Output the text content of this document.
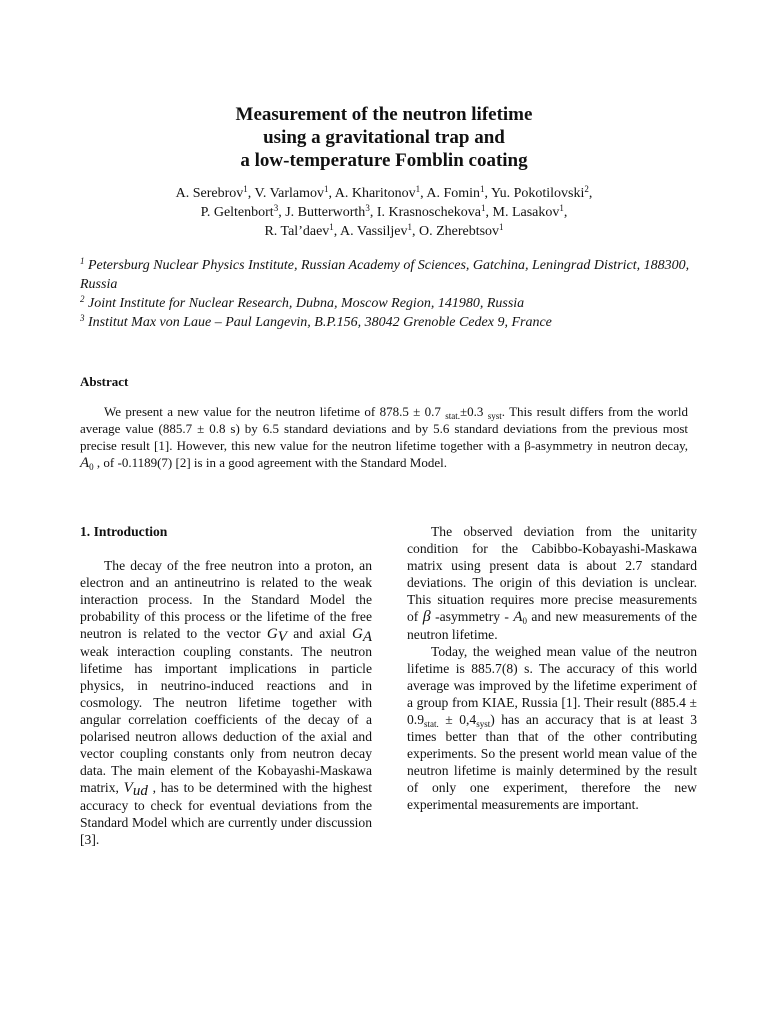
Measurement of the neutron lifetime
using a gravitational trap and
a low-temperature Fomblin coating
A. Serebrov$^1$, V. Varlamov$^1$, A. Kharitonov$^1$, A. Fomin$^1$, Yu. Pokotilovski$^2$,
P. Geltenbort$^3$, J. Butterworth$^3$, I. Krasnoschekova$^1$, M. Lasakov$^1$,
R. Tal’daev$^1$, A. Vassiljev$^1$, O. Zherebtsov$^1$
$^1$ Petersburg Nuclear Physics Institute, Russian Academy of Sciences, Gatchina, Leningrad District, 188300, Russia
$^2$ Joint Institute for Nuclear Research, Dubna, Moscow Region, 141980, Russia
$^3$ Institut Max von Laue – Paul Langevin, B.P.156, 38042 Grenoble Cedex 9, France
Abstract

We present a new value for the neutron lifetime of 878.5 ± 0.7 $_{stat.}$±0.3 $_{syst}$. This result differs from the world average value (885.7 ± 0.8 s) by 6.5 standard deviations and by 5.6 standard deviations from the previous most precise result [1]. However, this new value for the neutron lifetime together with a β-asymmetry in neutron decay, $A_0$ , of -0.1189(7) [2] is in a good agreement with the Standard Model.

1. Introduction

The decay of the free neutron into a proton, an electron and an antineutrino is related to the weak interaction process. In the Standard Model the probability of this process or the lifetime of the free neutron is related to the vector $G_V$ and axial $G_A$ weak interaction coupling constants. The neutron lifetime has important implications in particle physics, in neutrino-induced reactions and in cosmology. The neutron lifetime together with angular correlation coefficients of the decay of a polarised neutron allows deduction of the axial and vector coupling constants only from neutron decay data. The main element of the Kobayashi-Maskawa matrix, $V_{ud}$ , has to be determined with the highest accuracy to check for eventual deviations from the Standard Model which are currently under discussion [3].

The observed deviation from the unitarity condition for the Cabibbo-Kobayashi-Maskawa matrix using present data is about 2.7 standard deviations. The origin of this deviation is unclear. This situation requires more precise measurements of β -asymmetry - $A_0$ and new measurements of the neutron lifetime.

Today, the weighed mean value of the neutron lifetime is 885.7(8) s. The accuracy of this world average was improved by the lifetime experiment of a group from KIAE, Russia [1]. Their result $(885.4 \pm 0.9_{stat.} \pm 0,4_{syst})$ has an accuracy that is at least 3 times better than that of the other contributing experiments. So the present world mean value of the neutron lifetime is mainly determined by the result of only one experiment, therefore the new experimental measurements are important.
